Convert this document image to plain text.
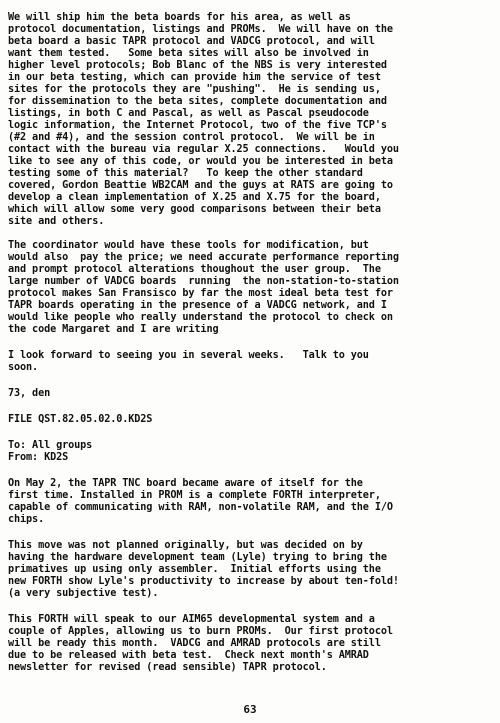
We will ship him the beta boards for his area, as well as
protocol documentation, listings and PROMs.  We will have on the
beta board a basic TAPR protocol and VADCG protocol, and will
want them tested.   Some beta sites will also be involved in
higher level protocols; Bob Blanc of the NBS is very interested
in our beta testing, which can provide him the service of test
sites for the protocols they are "pushing".  He is sending us,
for dissemination to the beta sites, complete documentation and
listings, in both C and Pascal, as well as Pascal pseudocode
logic information, the Internet Protocol, two of the five TCP's
(#2 and #4), and the session control protocol.  We will be in
contact with the bureau via regular X.25 connections.   Would you
like to see any of this code, or would you be interested in beta
testing some of this material?   To keep the other standard
covered, Gordon Beattie WB2CAM and the guys at RATS are going to
develop a clean implementation of X.25 and X.75 for the board,
which will allow some very good comparisons between their beta
site and others.
The coordinator would have these tools for modification, but
would also  pay the price; we need accurate performance reporting
and prompt protocol alterations thoughout the user group.  The
large number of VADCG boards  running  the non-station-to-station
protocol makes San Fransisco by far the most ideal beta test for
TAPR boards operating in the presence of a VADCG network, and I
would like people who really understand the protocol to check on
the code Margaret and I are writing
I look forward to seeing you in several weeks.   Talk to you
soon.
73, den
FILE QST.82.05.02.0.KD2S
To: All groups
From: KD2S
On May 2, the TAPR TNC board became aware of itself for the
first time. Installed in PROM is a complete FORTH interpreter,
capable of communicating with RAM, non-volatile RAM, and the I/O
chips.
This move was not planned originally, but was decided on by
having the hardware development team (Lyle) trying to bring the
primatives up using only assembler.  Initial efforts using the
new FORTH show Lyle's productivity to increase by about ten-fold!
(a very subjective test).
This FORTH will speak to our AIM65 developmental system and a
couple of Apples, allowing us to burn PROMs.  Our first protocol
will be ready this month.  VADCG and AMRAD protocols are still
due to be released with beta test.  Check next month's AMRAD
newsletter for revised (read sensible) TAPR protocol.
63
